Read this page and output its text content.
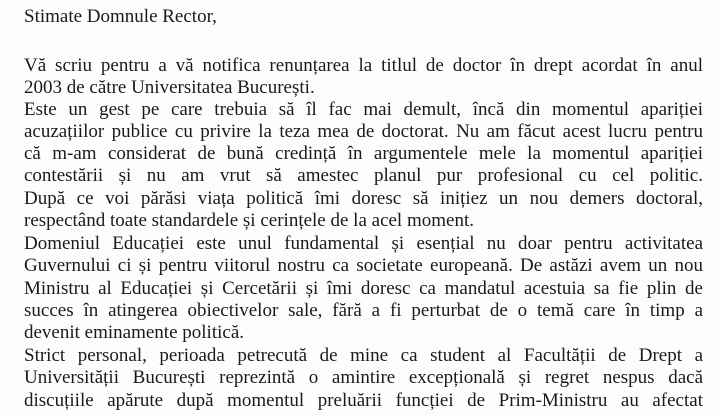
Stimate Domnule Rector,
Vă scriu pentru a vă notifica renunțarea la titlul de doctor în drept acordat în anul
2003 de către Universitatea București.
Este un gest pe care trebuia să îl fac mai demult, încă din momentul apariției
acuzațiilor publice cu privire la teza mea de doctorat. Nu am făcut acest lucru pentru
că m-am considerat de bună credință în argumentele mele la momentul apariției
contestării și nu am vrut să amestec planul pur profesional cu cel politic.
După ce voi părăsi viața politică îmi doresc să inițiez un nou demers doctoral,
respectând toate standardele și cerințele de la acel moment.
Domeniul Educației este unul fundamental și esențial nu doar pentru activitatea
Guvernului ci și pentru viitorul nostru ca societate europeană. De astăzi avem un nou
Ministru al Educației și Cercetării și îmi doresc ca mandatul acestuia sa fie plin de
succes în atingerea obiectivelor sale, fără a fi perturbat de o temă care în timp a
devenit eminamente politică.
Strict personal, perioada petrecută de mine ca student al Facultății de Drept a
Universității București reprezintă o amintire excepțională și regret nespus dacă
discuțiile apărute după momentul preluării funcției de Prim-Ministru au afectat
